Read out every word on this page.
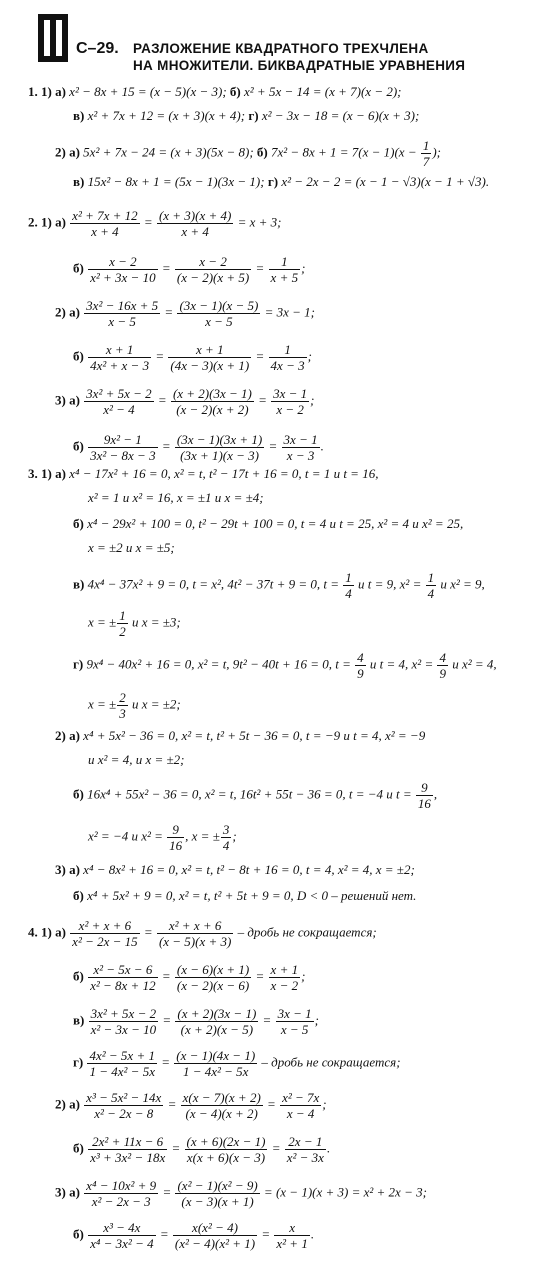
С–29. РАЗЛОЖЕНИЕ КВАДРАТНОГО ТРЕХЧЛЕНА
НА МНОЖИТЕЛИ. БИКВАДРАТНЫЕ УРАВНЕНИЯ
1. 1) а) x² − 8x + 15 = (x − 5)(x − 3); б) x² + 5x − 14 = (x + 7)(x − 2);
в) x² + 7x + 12 = (x + 3)(x + 4); г) x² − 3x − 18 = (x − 6)(x + 3);
2) а) 5x² + 7x − 24 = (x + 3)(5x − 8); б) $7x^2 - 8x + 1 = 7(x - 1)(x - \frac{1}{7}$ );
в) 15x² − 8x + 1 = (5x − 1)(3x − 1); г) x² − 2x − 2 = (x − 1 − √3)(x − 1 + √3).
2. 1) $а) \frac{\text{x² + 7x + 12}}{x + 4} = \frac{(x + 3)(x + 4)}{x + 4} = x + 3$;
$б) \frac{x - 2}{\text{x² + 3x − 10}} = \frac{x - 2}{(x - 2)(x + 5)} = \frac{1}{x + 5}$ ;
2) $а) \frac{\text{3x² − 16x + 5}}{x - 5} = \frac{(3x - 1)(x - 5)}{x - 5} = 3x - 1$;
$б) \frac{x + 1}{\text{4x² + x − 3}} = \frac{x + 1}{(4x - 3)(x + 1)} = \frac{1}{4x - 3}$ ;
3) $а) \frac{\text{3x² + 5x − 2}}{\text{x² − 4}} = \frac{(x + 2)(3x - 1)}{(x - 2)(x + 2)} = \frac{3x - 1}{x - 2}$ ;
$б) \frac{\text{9x² − 1}}{\text{3x² − 8x − 3}} = \frac{(3x - 1)(3x + 1)}{(3x + 1)(x - 3)} = \frac{3x - 1}{x - 3}$ .
3. 1) а) x⁴ − 17x² + 16 = 0, x² = t, t² − 17t + 16 = 0, t = 1 и t = 16,
x² = 1 и x² = 16, x = ±1 и x = ±4;
б) x⁴ − 29x² + 100 = 0, t² − 29t + 100 = 0, t = 4 и t = 25, x² = 4 и x² = 25,
x = ±2 и x = ±5;
в) 4x⁴ − 37x² + 9 = 0, t = x², 4t² − 37t + 9 = 0, $t = \frac{1}{4}$ и t = 9, $x^2 = \frac{1}{4}$ и x² = 9,
x = ± $\frac{1}{2}$ и x = ±3;
г) 9x⁴ − 40x² + 16 = 0, x² = t, 9t² − 40t + 16 = 0, $t = \frac{4}{9}$ и t = 4, $x^2 = \frac{4}{9}$ и x² = 4,
x = ± $\frac{2}{3}$ и x = ±2;
2) а) x⁴ + 5x² − 36 = 0, x² = t, t² + 5t − 36 = 0, t = −9 и t = 4, x² = −9
и x² = 4, и x = ±2;
б) 16x⁴ + 55x² − 36 = 0, x² = t, 16t² + 55t − 36 = 0, t = −4 и $t = \frac{9}{16}$ ,
x² = −4 и $x^2 = \frac{9}{16}$ , x = ± $\frac{3}{4}$ ;
3) а) x⁴ − 8x² + 16 = 0, x² = t, t² − 8t + 16 = 0, t = 4, x² = 4, x = ±2;
б) x⁴ + 5x² + 9 = 0, x² = t, t² + 5t + 9 = 0, D < 0 – решений нет.
4. 1) $а) \frac{\text{x² + x + 6}}{\text{x² − 2x − 15}} = \frac{\text{x² + x + 6}}{(x - 5)(x + 3)}$ – дробь не сокращается;
$б) \frac{\text{x² − 5x − 6}}{\text{x² − 8x + 12}} = \frac{(x - 6)(x + 1)}{(x - 2)(x - 6)} = \frac{x + 1}{x - 2}$ ;
$в) \frac{\text{3x² + 5x − 2}}{\text{x² − 3x − 10}} = \frac{(x + 2)(3x - 1)}{(x + 2)(x - 5)} = \frac{3x - 1}{x - 5}$ ;
$г) \frac{\text{4x² − 5x + 1}}{\text{1 − 4x² − 5x}} = \frac{(x - 1)(4x - 1)}{\text{1 − 4x² − 5x}}$ – дробь не сокращается;
2) $а) \frac{\text{x³ − 5x² − 14x}}{\text{x² − 2x − 8}} = \frac{x(x - 7)(x + 2)}{(x - 4)(x + 2)} = \frac{\text{x² − 7x}}{x - 4}$ ;
$б) \frac{\text{2x² + 11x − 6}}{\text{x³ + 3x² − 18x}} = \frac{(x + 6)(2x - 1)}{x(x + 6)(x - 3)} = \frac{2x - 1}{\text{x² − 3x}}$ .
3) $а) \frac{\text{x⁴ − 10x² + 9}}{\text{x² − 2x − 3}} = \frac{\text{(x² − 1)(x² − 9)}}{(x - 3)(x + 1)} = (x - 1)(x + 3) = x^2 + 2x - 3$;
$б) \frac{\text{x³ − 4x}}{\text{x⁴ − 3x² − 4}} = \frac{\text{x(x² − 4)}}{\text{(x² − 4)(x² + 1)}} = \frac{x}{\text{x² + 1}}$ .
